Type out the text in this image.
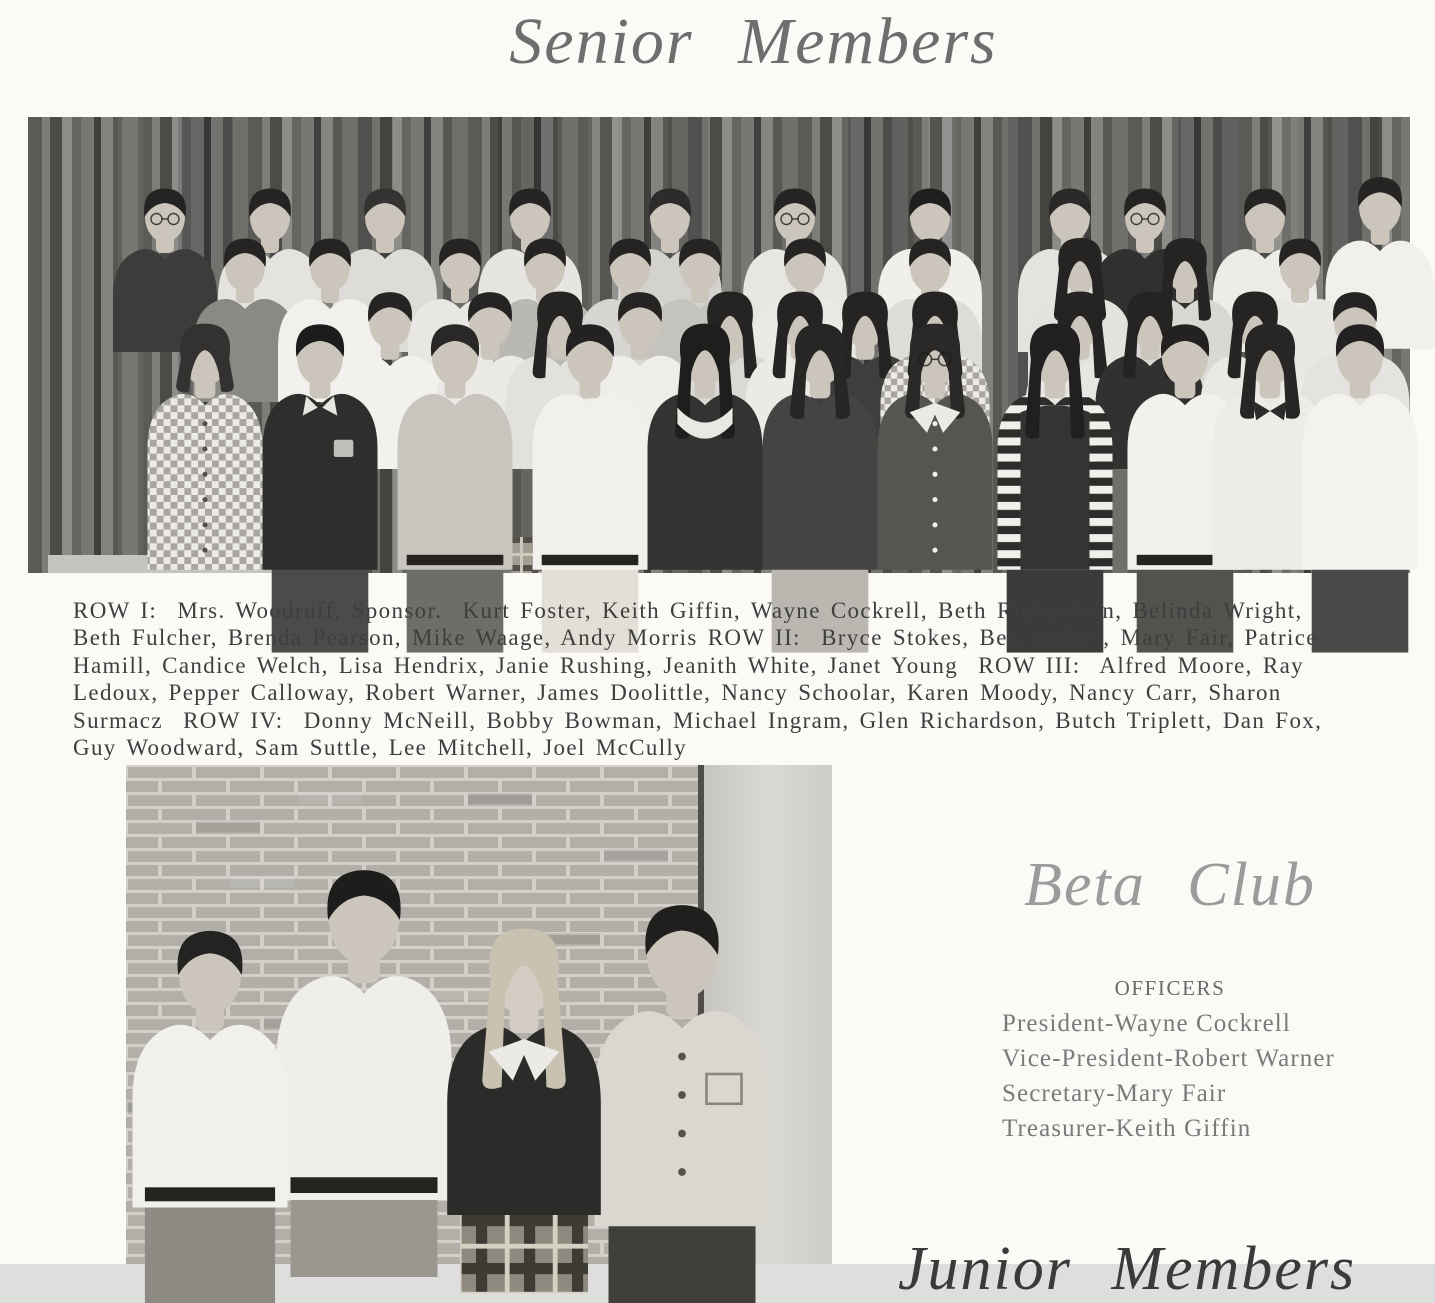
Senior Members
ROW I:  Mrs. Woodruff, Sponsor.  Kurt Foster, Keith Giffin, Wayne Cockrell, Beth Richardson, Belinda Wright,
Beth Fulcher, Brenda Pearson, Mike Waage, Andy Morris ROW II:  Bryce Stokes, Ben Walker, Mary Fair, Patrice
Hamill, Candice Welch, Lisa Hendrix, Janie Rushing, Jeanith White, Janet Young  ROW III:  Alfred Moore, Ray
Ledoux, Pepper Calloway, Robert Warner, James Doolittle, Nancy Schoolar, Karen Moody, Nancy Carr, Sharon
Surmacz  ROW IV:  Donny McNeill, Bobby Bowman, Michael Ingram, Glen Richardson, Butch Triplett, Dan Fox,
Guy Woodward, Sam Suttle, Lee Mitchell, Joel McCully
Beta Club
OFFICERS
President-Wayne Cockrell
Vice-President-Robert Warner
Secretary-Mary Fair
Treasurer-Keith Giffin
Junior Members
